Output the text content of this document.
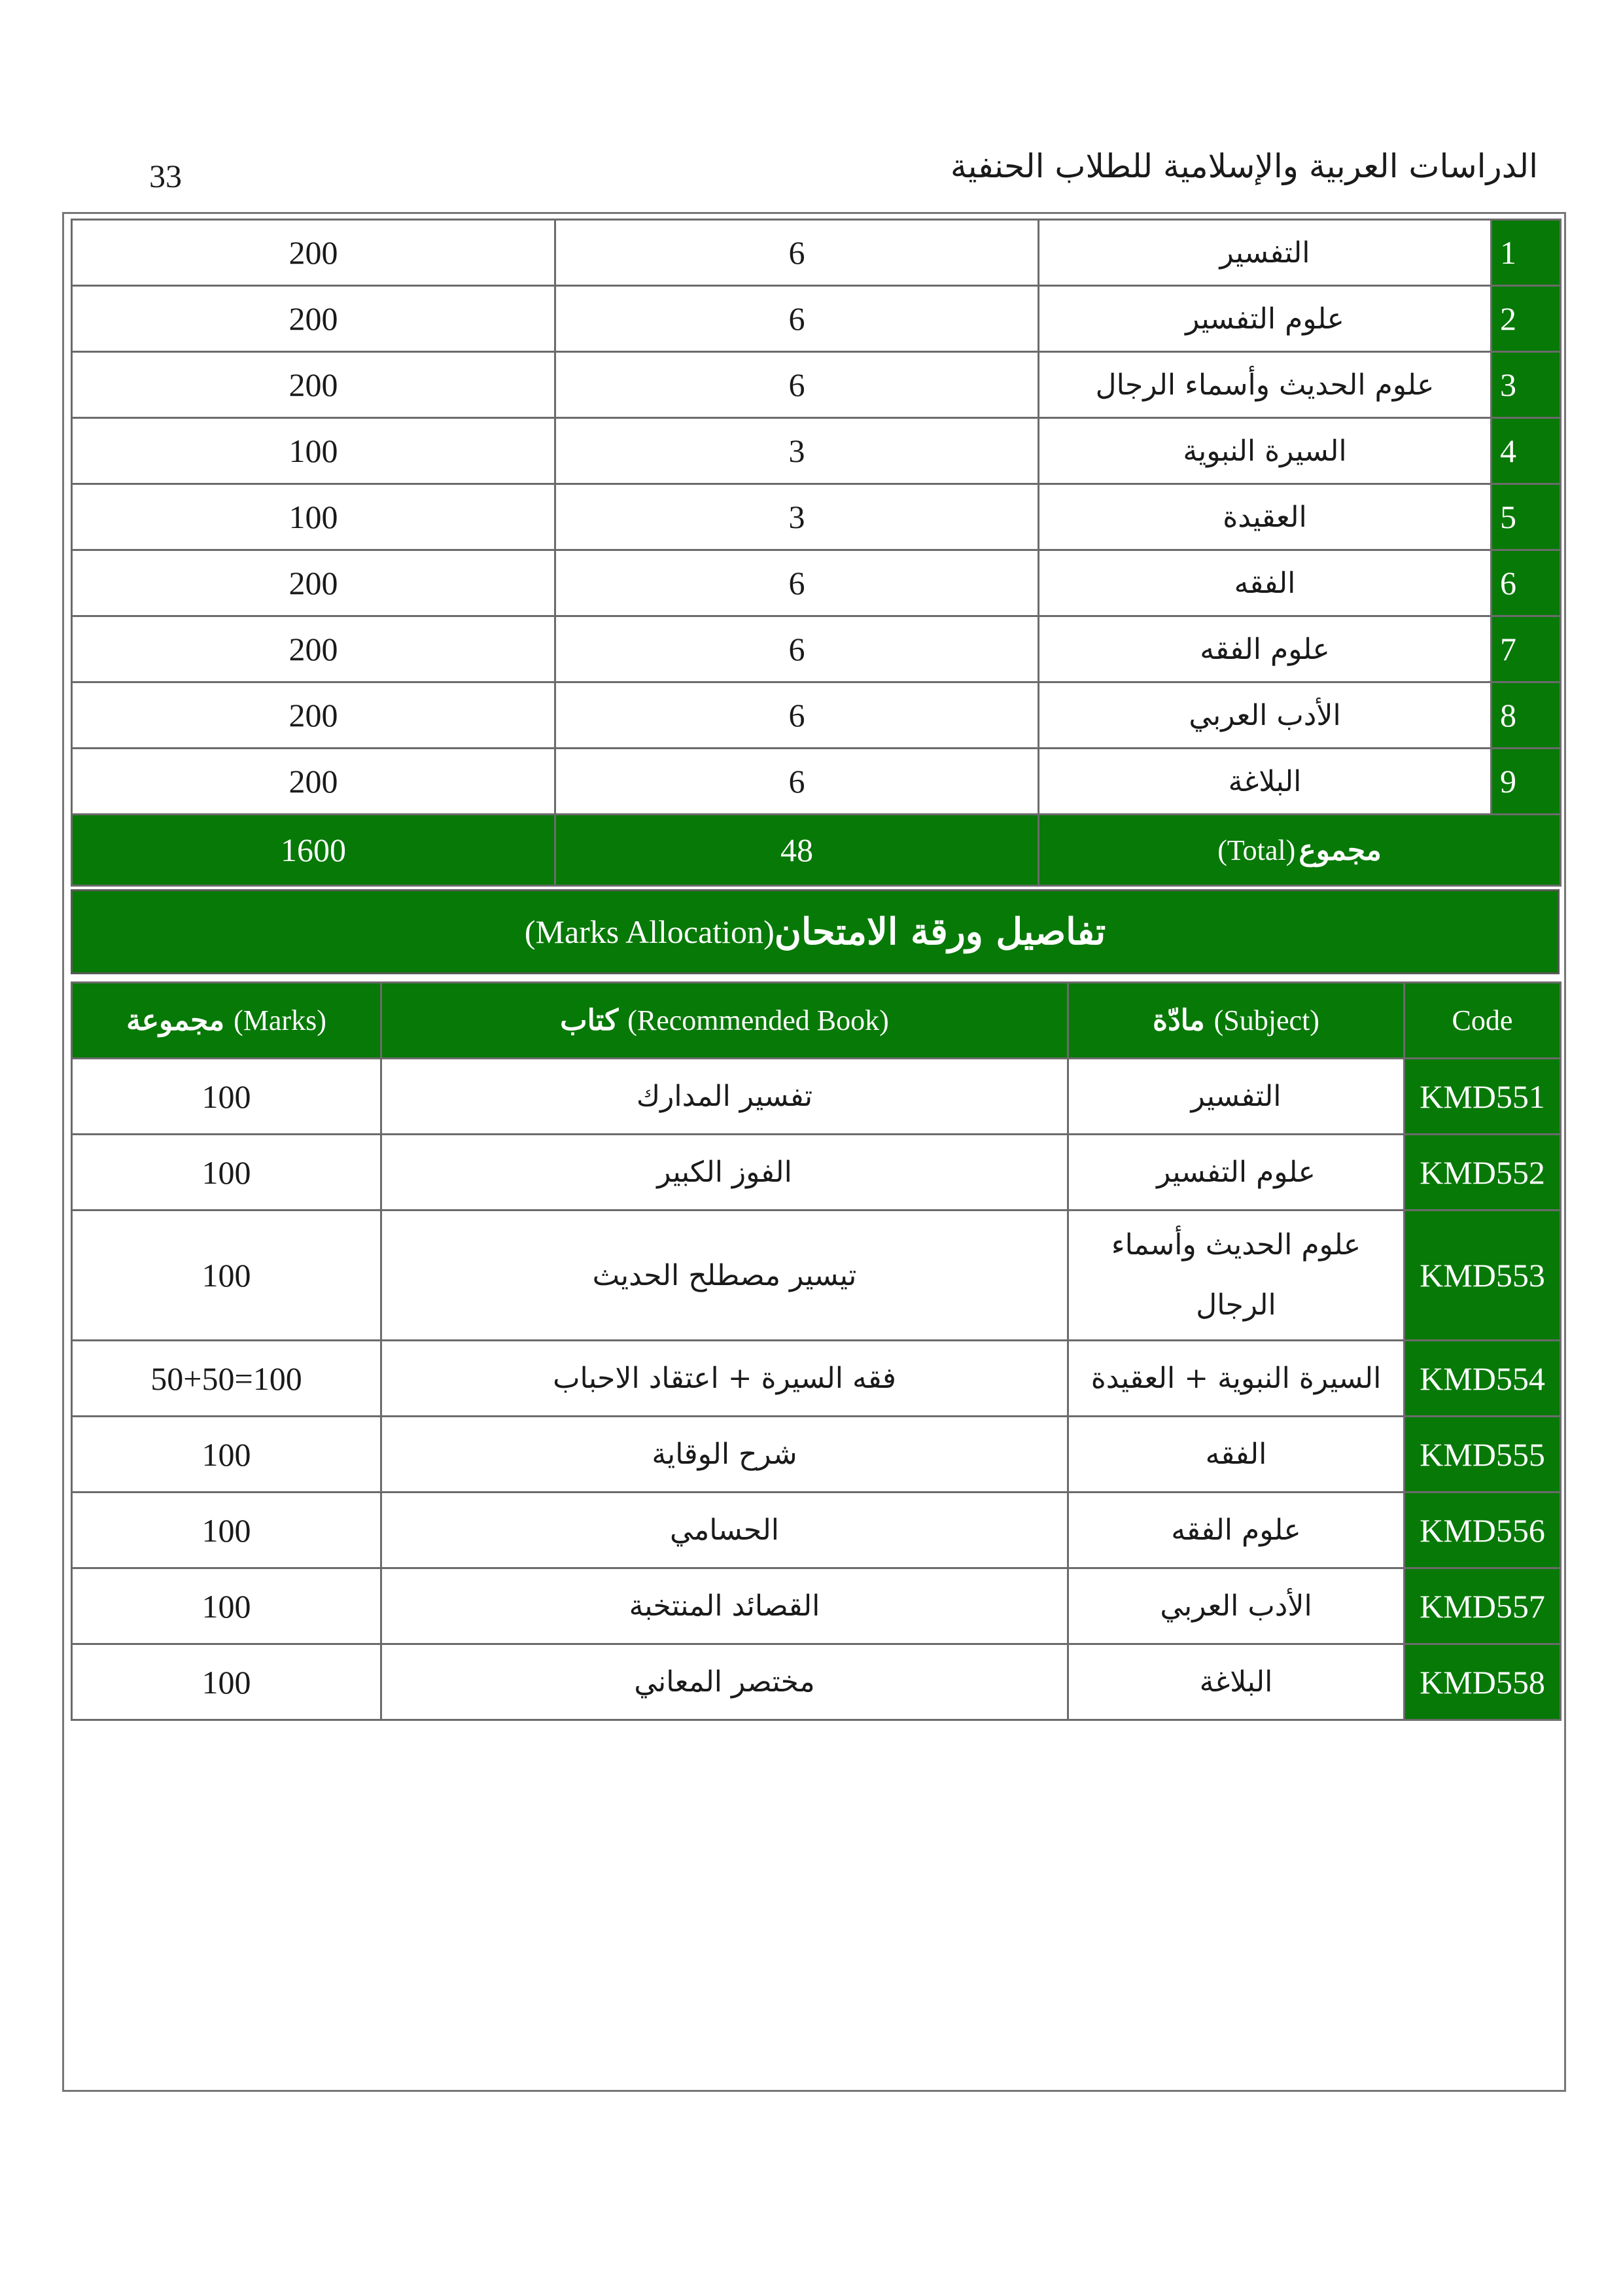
33	الدراسات العربية والإسلامية للطلاب الحنفية
200	6	التفسير	1
200	6	علوم التفسير	2
200	6	علوم الحديث وأسماء الرجال	3
100	3	السيرة النبوية	4
100	3	العقيدة	5
200	6	الفقه	6
200	6	علوم الفقه	7
200	6	الأدب العربي	8
200	6	البلاغة	9
1600	48	مجموع (Total)	
تفاصيل ورقة الامتحان
(Marks Allocation)
مجموعة (Marks)	كتاب (Recommended Book)	مادّة (Subject)	Code
100	تفسير المدارك	التفسير	KMD551
100	الفوز الكبير	علوم التفسير	KMD552
100	تيسير مصطلح الحديث	علوم الحديث وأسماء الرجال	KMD553
50+50=100	فقه السيرة + اعتقاد الاحباب	السيرة النبوية + العقيدة	KMD554
100	شرح الوقاية	الفقه	KMD555
100	الحسامي	علوم الفقه	KMD556
100	القصائد المنتخبة	الأدب العربي	KMD557
100	مختصر المعاني	البلاغة	KMD558
